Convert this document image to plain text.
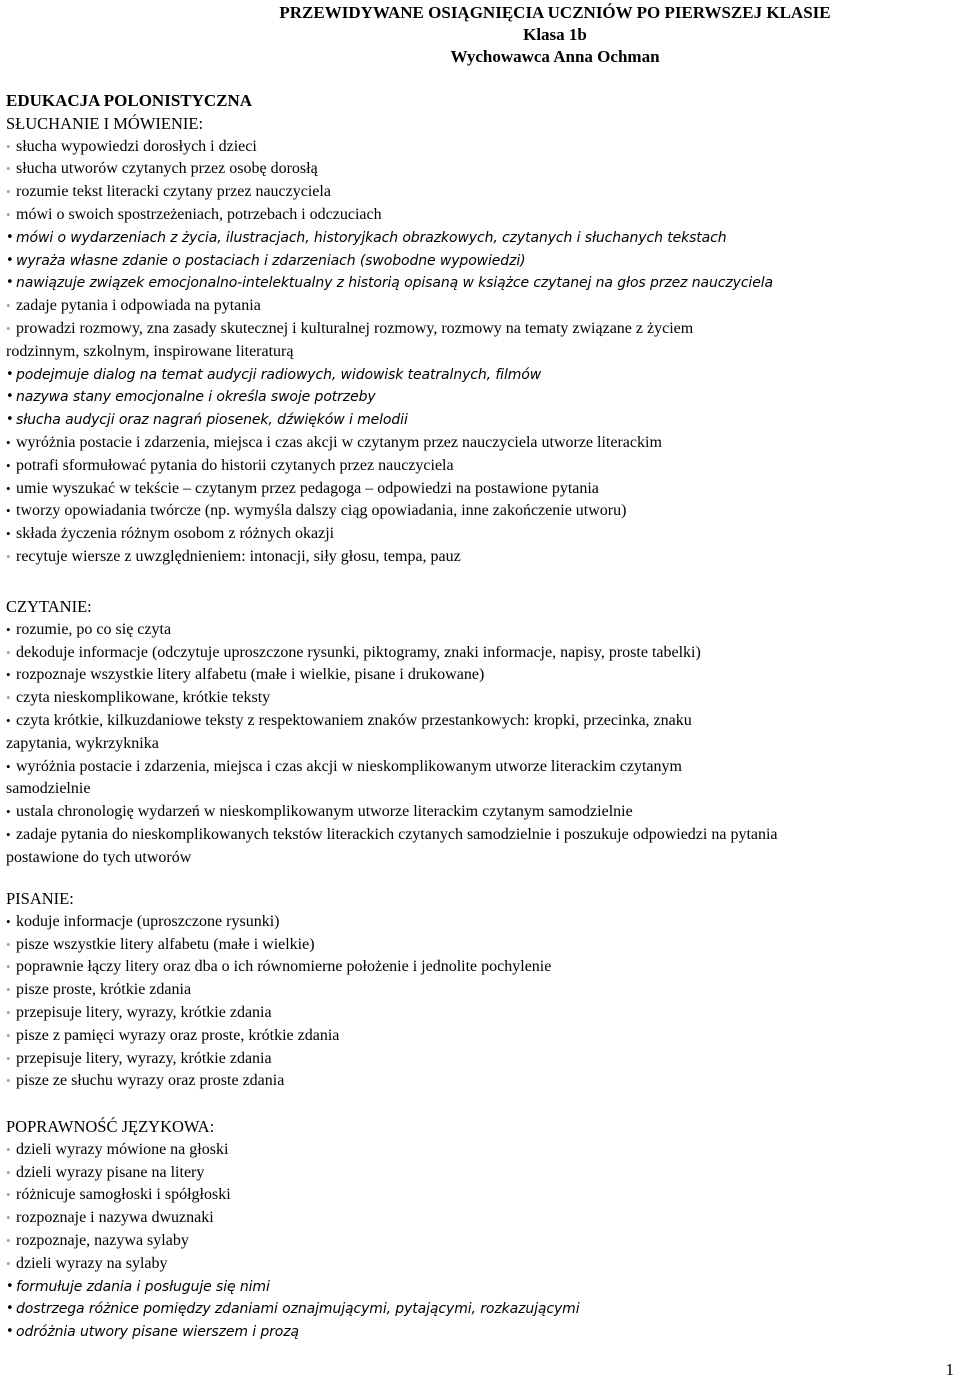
PRZEWIDYWANE OSIĄGNIĘCIA UCZNIÓW PO PIERWSZEJ KLASIE
Klasa 1b
Wychowawca Anna Ochman
EDUKACJA POLONISTYCZNA
SŁUCHANIE I MÓWIENIE:
• słucha wypowiedzi dorosłych i dzieci
• słucha utworów czytanych przez osobę dorosłą
• rozumie tekst literacki czytany przez nauczyciela
• mówi o swoich spostrzeżeniach, potrzebach i odczuciach
• mówi o wydarzeniach z życia, ilustracjach, historyjkach obrazkowych, czytanych i słuchanych tekstach
• wyraża własne zdanie o postaciach i zdarzeniach (swobodne wypowiedzi)
• nawiązuje związek emocjonalno-intelektualny z historią opisaną w książce czytanej na głos przez nauczyciela
• zadaje pytania i odpowiada na pytania
• prowadzi rozmowy, zna zasady skutecznej i kulturalnej rozmowy, rozmowy na tematy związane z życiem
rodzinnym, szkolnym, inspirowane literaturą
• podejmuje dialog na temat audycji radiowych, widowisk teatralnych, filmów
• nazywa stany emocjonalne i określa swoje potrzeby
• słucha audycji oraz nagrań piosenek, dźwięków i melodii
• wyróżnia postacie i zdarzenia, miejsca i czas akcji w czytanym przez nauczyciela utworze literackim
• potrafi sformułować pytania do historii czytanych przez nauczyciela
• umie wyszukać w tekście – czytanym przez pedagoga – odpowiedzi na postawione pytania
• tworzy opowiadania twórcze (np. wymyśla dalszy ciąg opowiadania, inne zakończenie utworu)
• składa życzenia różnym osobom z różnych okazji
• recytuje wiersze z uwzględnieniem: intonacji, siły głosu, tempa, pauz
CZYTANIE:
• rozumie, po co się czyta
• dekoduje informacje (odczytuje uproszczone rysunki, piktogramy, znaki informacje, napisy, proste tabelki)
• rozpoznaje wszystkie litery alfabetu (małe i wielkie, pisane i drukowane)
• czyta nieskomplikowane, krótkie teksty
• czyta krótkie, kilkuzdaniowe teksty z respektowaniem znaków przestankowych: kropki, przecinka, znaku
zapytania, wykrzyknika
• wyróżnia postacie i zdarzenia, miejsca i czas akcji w nieskomplikowanym utworze literackim czytanym
samodzielnie
• ustala chronologię wydarzeń w nieskomplikowanym utworze literackim czytanym samodzielnie
• zadaje pytania do nieskomplikowanych tekstów literackich czytanych samodzielnie i poszukuje odpowiedzi na pytania
postawione do tych utworów
PISANIE:
• koduje informacje (uproszczone rysunki)
• pisze wszystkie litery alfabetu (małe i wielkie)
• poprawnie łączy litery oraz dba o ich równomierne położenie i jednolite pochylenie
• pisze proste, krótkie zdania
• przepisuje litery, wyrazy, krótkie zdania
• pisze z pamięci wyrazy oraz proste, krótkie zdania
• przepisuje litery, wyrazy, krótkie zdania
• pisze ze słuchu wyrazy oraz proste zdania
POPRAWNOŚĆ JĘZYKOWA:
• dzieli wyrazy mówione na głoski
• dzieli wyrazy pisane na litery
• różnicuje samogłoski i spółgłoski
• rozpoznaje i nazywa dwuznaki
• rozpoznaje, nazywa sylaby
• dzieli wyrazy na sylaby
• formułuje zdania i posługuje się nimi
• dostrzega różnice pomiędzy zdaniami oznajmującymi, pytającymi, rozkazującymi
• odróżnia utwory pisane wierszem i prozą
1
